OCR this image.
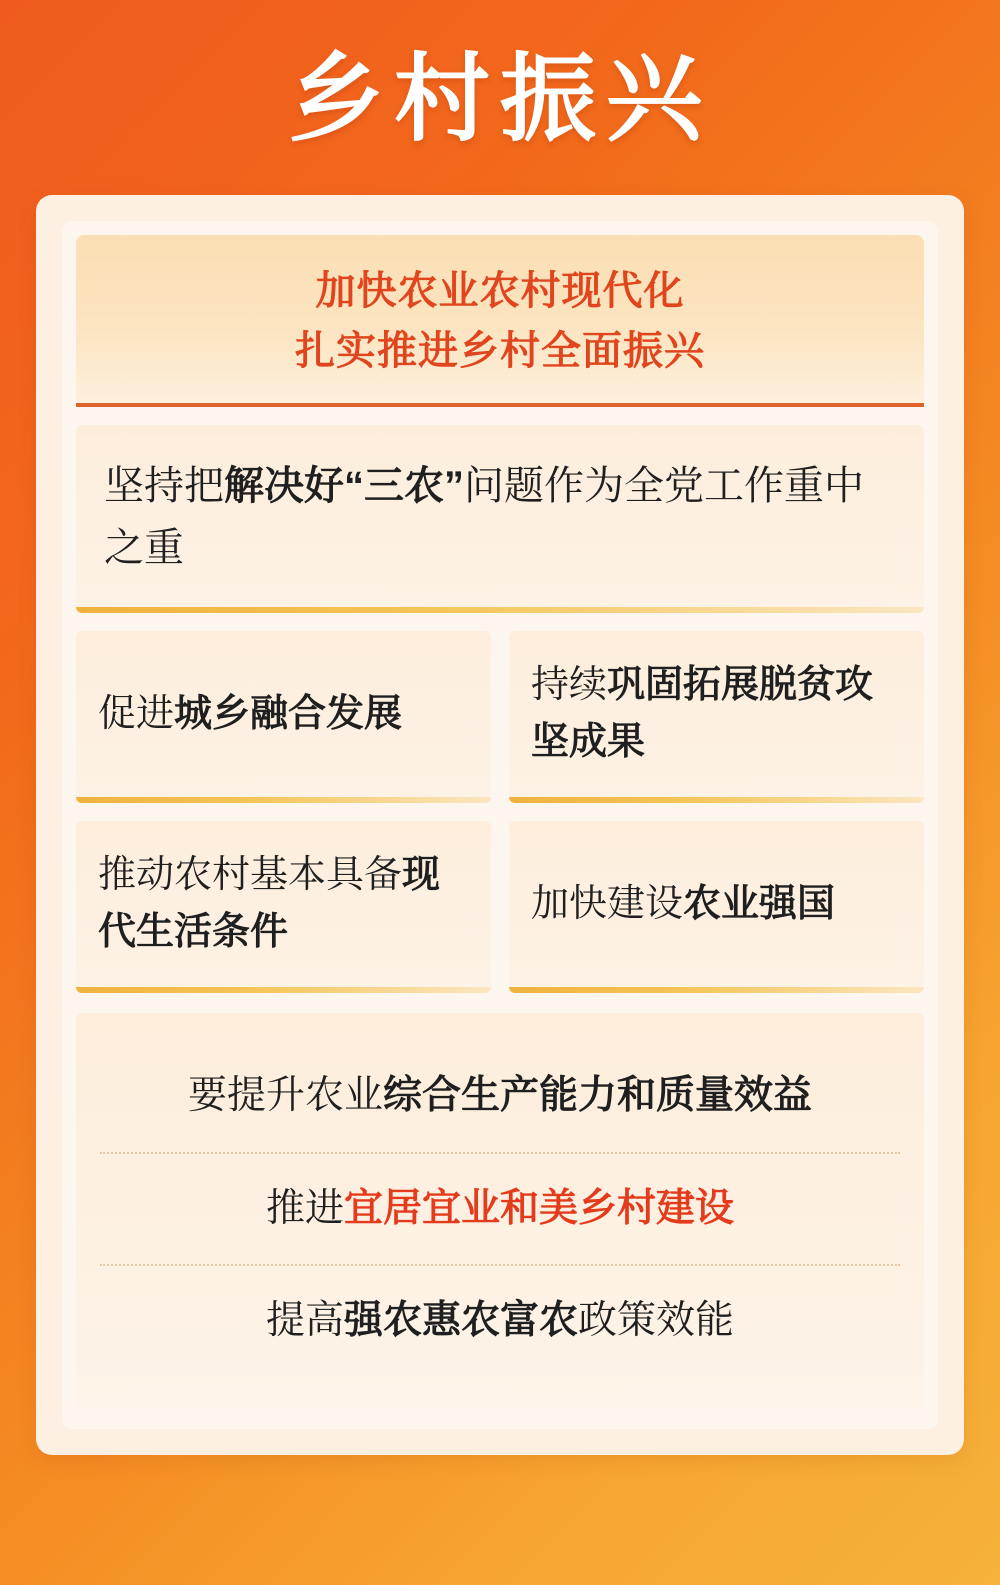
乡村振兴
加快农业农村现代化
扎实推进乡村全面振兴
坚持把解决好“三农”问题作为全党工作重中之重
促进城乡融合发展
持续巩固拓展脱贫攻坚成果
推动农村基本具备现代生活条件
加快建设农业强国
要提升农业综合生产能力和质量效益
推进宜居宜业和美乡村建设
提高强农惠农富农政策效能
